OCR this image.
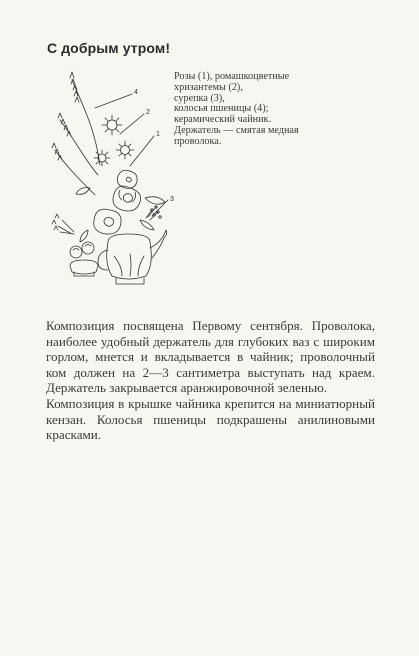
С добрым утром!
4
2
1
3
Розы (1), ромашкоцветные
хризантемы (2),
сурепка (3),
колосья пшеницы (4);
керамический чайник.
Держатель — смятая медная
проволока.

Композиция посвящена Первому сентября. Проволока, наиболее удобный держатель для глубоких ваз с широким горлом, мнется и вкладывается в чайник; проволочный ком должен на 2—3 сантиметра выступать над краем. Держатель закрывается аранжировочной зеленью.

Композиция в крышке чайника крепится на миниатюрный кензан. Колосья пшеницы подкрашены анилиновыми красками.
